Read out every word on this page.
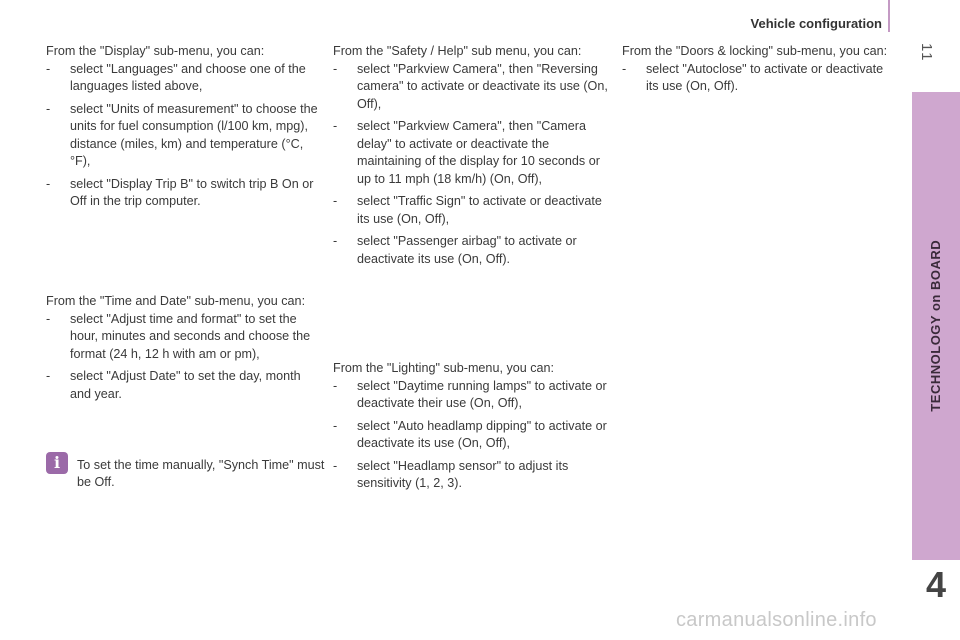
Vehicle configuration
11
TECHNOLOGY on BOARD
4

From the "Display" sub-menu, you can:

- select "Languages" and choose one of the languages listed above,
- select "Units of measurement" to choose the units for fuel consumption (l/100 km, mpg), distance (miles, km) and temperature (°C, °F),
- select "Display Trip B" to switch trip B On or Off in the trip computer.

From the "Time and Date" sub-menu, you can:

- select "Adjust time and format" to set the hour, minutes and seconds and choose the format (24 h, 12 h with am or pm),
- select "Adjust Date" to set the day, month and year.
i	To set the time manually, "Synch Time" must be Off.

From the "Safety / Help" sub menu, you can:

- select "Parkview Camera", then "Reversing camera" to activate or deactivate its use (On, Off),
- select "Parkview Camera", then "Camera delay" to activate or deactivate the maintaining of the display for 10 seconds or up to 11 mph (18 km/h) (On, Off),
- select "Traffic Sign" to activate or deactivate its use (On, Off),
- select "Passenger airbag" to activate or deactivate its use (On, Off).

From the "Lighting" sub-menu, you can:

- select "Daytime running lamps" to activate or deactivate their use (On, Off),
- select "Auto headlamp dipping" to activate or deactivate its use (On, Off),
- select "Headlamp sensor" to adjust its sensitivity (1, 2, 3).

From the "Doors & locking" sub-menu, you can:

- select "Autoclose" to activate or deactivate its use (On, Off).
carmanualsonline.info
